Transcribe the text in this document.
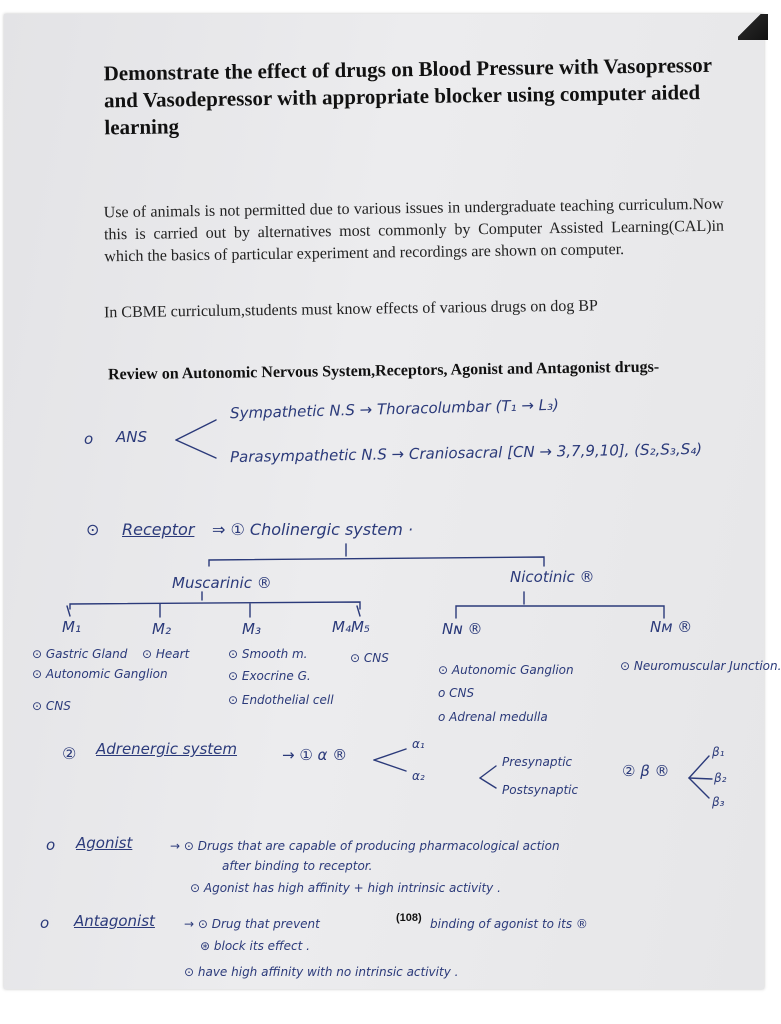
Demonstrate the effect of drugs on Blood Pressure with Vasopressor and Vasodepressor with appropriate blocker using computer aided learning

Use of animals is not permitted due to various issues in undergraduate teaching curriculum.Now this is carried out by alternatives most commonly by Computer Assisted Learning(CAL)in which the basics of particular experiment and recordings are shown on computer.

In CBME curriculum,students must know effects of various drugs on dog BP

Review on Autonomic Nervous System,Receptors, Agonist and Antagonist drugs-
o ANS
Sympathetic N.S → Thoracolumbar (T₁ → L₃)
Parasympathetic N.S → Craniosacral [CN → 3,7,9,10], (S₂,S₃,S₄)
⊙ Receptor ⇒ ① Cholinergic system ·
Muscarinic ®	Nicotinic ®
M₁	M₂	M₃	M₄M₅	Nɴ ®	Nᴍ ®
⊙ Gastric Gland
⊙ Autonomic Ganglion
⊙ CNS
⊙ Heart	⊙ Smooth m.
⊙ Exocrine G.
⊙ Endothelial cell
⊙ CNS
⊙ Autonomic Ganglion
o CNS
o Adrenal medulla
⊙ Neuromuscular Junction.
② Adrenergic system	→ ① α ®
α₁
α₂
Presynaptic
Postsynaptic
② β ®
β₁
β₂
β₃
o Agonist	→ ⊙ Drugs that are capable of producing pharmacological action
after binding to receptor.
⊙ Agonist has high affinity + high intrinsic activity .
o Antagonist → ⊙ Drug that prevent	binding of agonist to its ®
⊛ block its effect .
⊙ have high affinity with no intrinsic activity .
(108)
